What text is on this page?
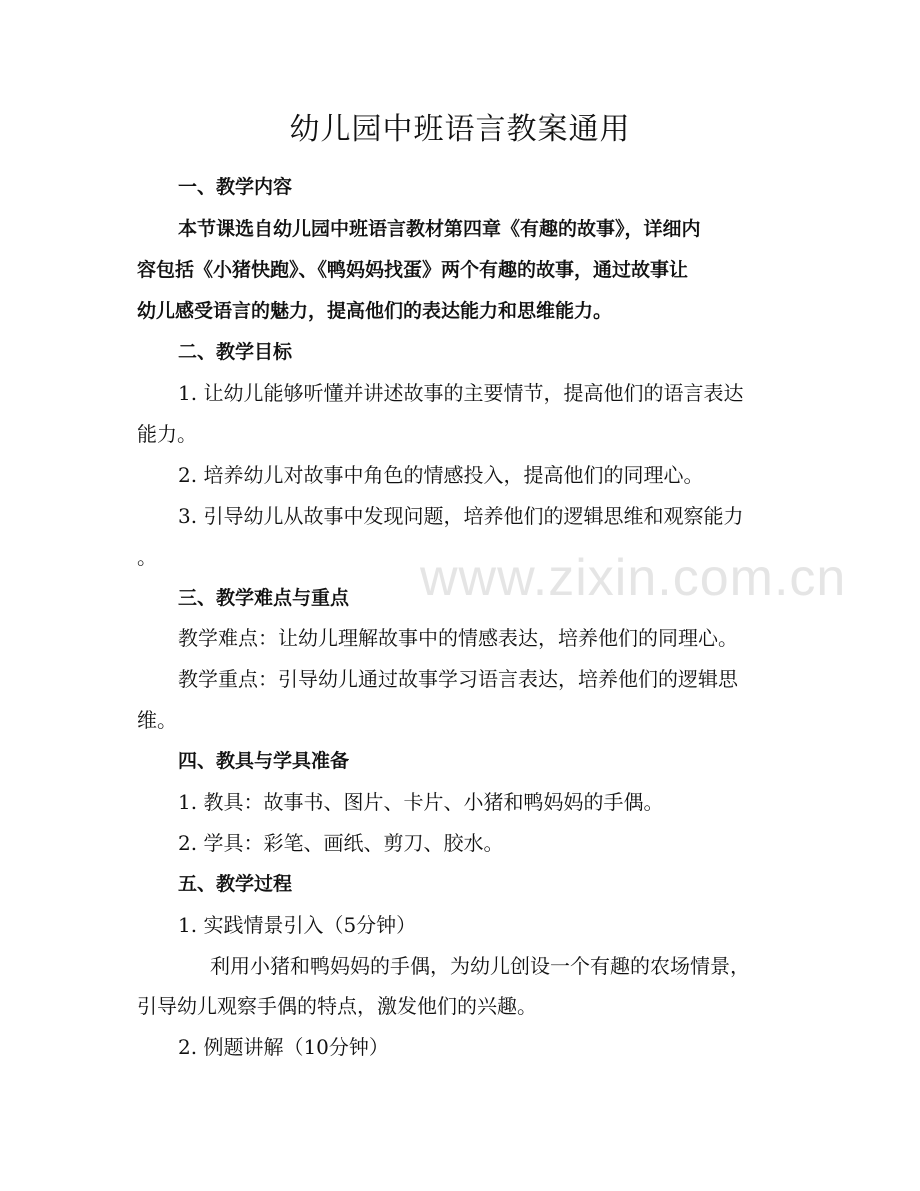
幼儿园中班语言教案通用

一、教学内容

本节课选自幼儿园中班语言教材第四章《有趣的故事》，详细内

容包括《小猪快跑》、《鸭妈妈找蛋》两个有趣的故事，通过故事让

幼儿感受语言的魅力，提高他们的表达能力和思维能力。

二、教学目标

1. 让幼儿能够听懂并讲述故事的主要情节，提高他们的语言表达

能力。

2. 培养幼儿对故事中角色的情感投入，提高他们的同理心。

3. 引导幼儿从故事中发现问题，培养他们的逻辑思维和观察能力

。

三、教学难点与重点

教学难点：让幼儿理解故事中的情感表达，培养他们的同理心。

教学重点：引导幼儿通过故事学习语言表达，培养他们的逻辑思

维。

四、教具与学具准备

1. 教具：故事书、图片、卡片、小猪和鸭妈妈的手偶。

2. 学具：彩笔、画纸、剪刀、胶水。

五、教学过程

1. 实践情景引入（5分钟）

利用小猪和鸭妈妈的手偶，为幼儿创设一个有趣的农场情景，

引导幼儿观察手偶的特点，激发他们的兴趣。

2. 例题讲解（10分钟）

www.zixin.com.cn
